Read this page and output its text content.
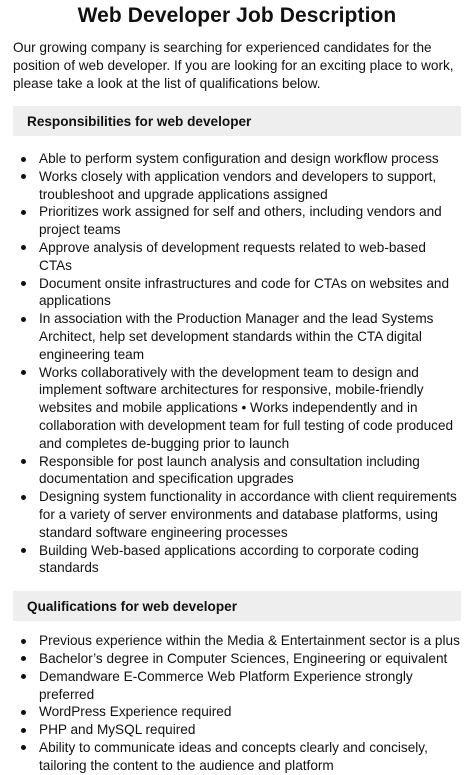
Web Developer Job Description

Our growing company is searching for experienced candidates for the position of web developer. If you are looking for an exciting place to work, please take a look at the list of qualifications below.

Responsibilities for web developer
Able to perform system configuration and design workflow process
Works closely with application vendors and developers to support, troubleshoot and upgrade applications assigned
Prioritizes work assigned for self and others, including vendors and project teams
Approve analysis of development requests related to web-based CTAs
Document onsite infrastructures and code for CTAs on websites and applications
In association with the Production Manager and the lead Systems Architect, help set development standards within the CTA digital engineering team
Works collaboratively with the development team to design and implement software architectures for responsive, mobile-friendly websites and mobile applications • Works independently and in collaboration with development team for full testing of code produced and completes de-bugging prior to launch
Responsible for post launch analysis and consultation including documentation and specification upgrades
Designing system functionality in accordance with client requirements for a variety of server environments and database platforms, using standard software engineering processes
Building Web-based applications according to corporate coding standards
Qualifications for web developer
Previous experience within the Media & Entertainment sector is a plus
Bachelor’s degree in Computer Sciences, Engineering or equivalent
Demandware E-Commerce Web Platform Experience strongly preferred
WordPress Experience required
PHP and MySQL required
Ability to communicate ideas and concepts clearly and concisely, tailoring the content to the audience and platform
